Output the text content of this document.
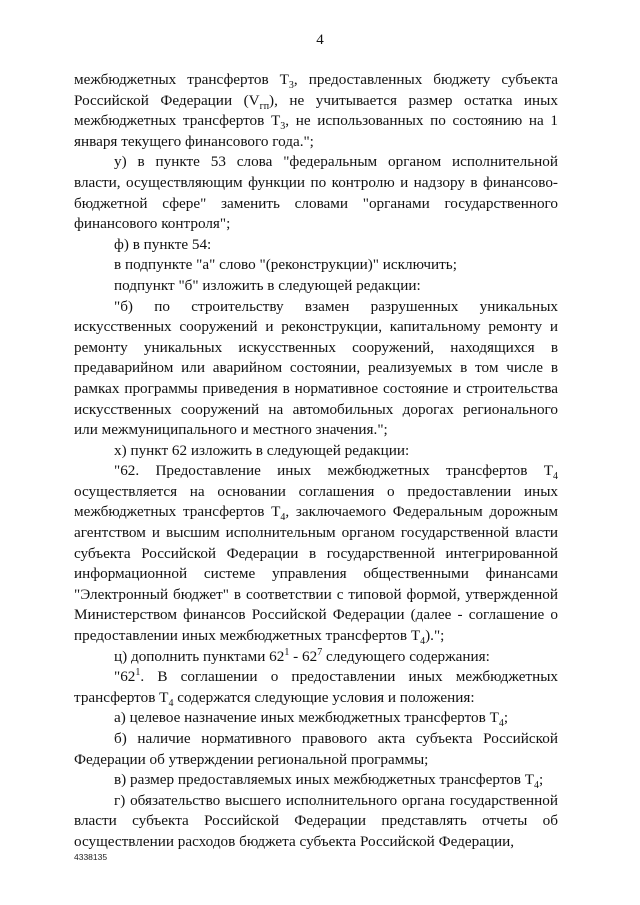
4

межбюджетных трансфертов $Т_3$, предоставленных бюджету субъекта Российской Федерации $(V_{гп})$, не учитывается размер остатка иных межбюджетных трансфертов $Т_3$, не использованных по состоянию на 1 января текущего финансового года.";

у) в пункте 53 слова "федеральным органом исполнительной власти, осуществляющим функции по контролю и надзору в финансово-бюджетной сфере" заменить словами "органами государственного финансового контроля";

ф) в пункте 54:

в подпункте "а" слово "(реконструкции)" исключить;

подпункт "б" изложить в следующей редакции:

"б) по строительству взамен разрушенных уникальных искусственных сооружений и реконструкции, капитальному ремонту и ремонту уникальных искусственных сооружений, находящихся в предаварийном или аварийном состоянии, реализуемых в том числе в рамках программы приведения в нормативное состояние и строительства искусственных сооружений на автомобильных дорогах регионального или межмуниципального и местного значения.";

х) пункт 62 изложить в следующей редакции:

"62. Предоставление иных межбюджетных трансфертов $Т_4$ осуществляется на основании соглашения о предоставлении иных межбюджетных трансфертов $Т_4$, заключаемого Федеральным дорожным агентством и высшим исполнительным органом государственной власти субъекта Российской Федерации в государственной интегрированной информационной системе управления общественными финансами "Электронный бюджет" в соответствии с типовой формой, утвержденной Министерством финансов Российской Федерации (далее - соглашение о предоставлении иных межбюджетных трансфертов $Т_4$).";

ц) дополнить пунктами $62^1 - 62^7$ следующего содержания:

"$62^1$. В соглашении о предоставлении иных межбюджетных трансфертов $Т_4$ содержатся следующие условия и положения:

а) целевое назначение иных межбюджетных трансфертов $Т_4$;

б) наличие нормативного правового акта субъекта Российской Федерации об утверждении региональной программы;

в) размер предоставляемых иных межбюджетных трансфертов $Т_4$;

г) обязательство высшего исполнительного органа государственной власти субъекта Российской Федерации представлять отчеты об осуществлении расходов бюджета субъекта Российской Федерации,

4338135
